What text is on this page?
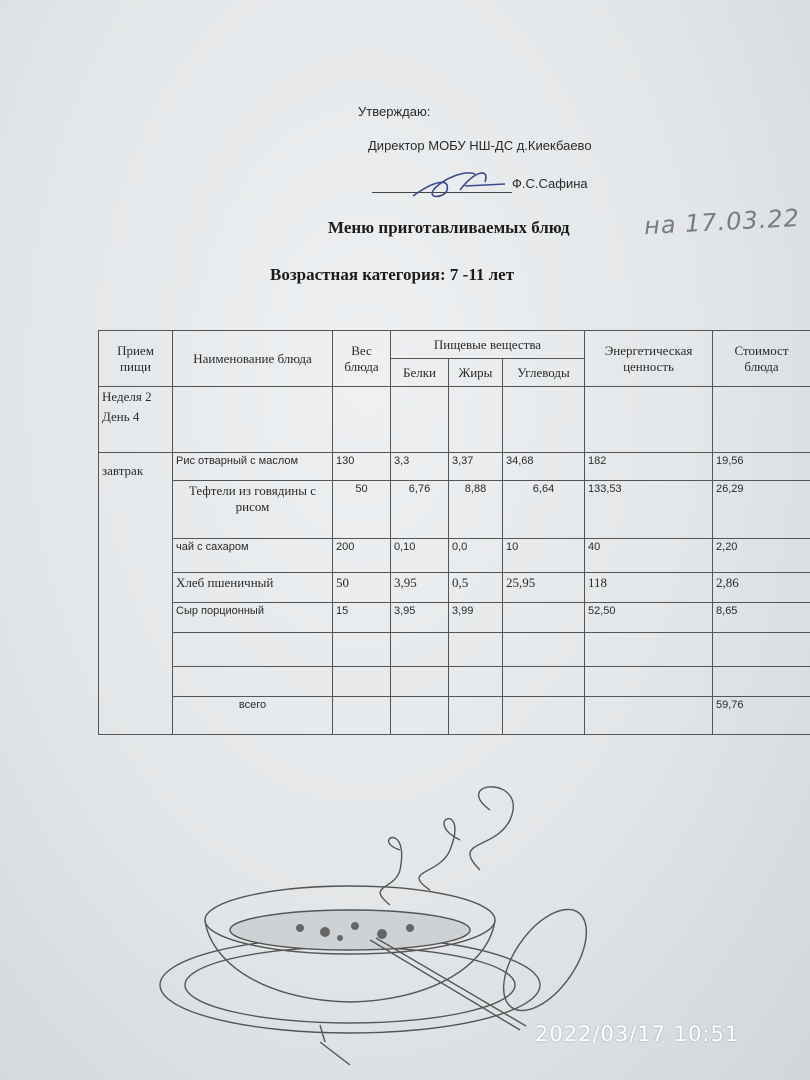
Утверждаю:
Директор МОБУ НШ-ДС д.Киекбаево
Ф.С.Сафина
Меню приготавливаемых блюд	на 17.03.22
Возрастная категория: 7 -11 лет
Прием пищи	Наименование блюда	Вес блюда	Пищевые вещества			Энергетическая ценность	Стоимост блюда
			Белки	Жиры	Углеводы		

Неделя 2
День 4							

завтрак	Рис отварный с маслом	130	3,3	3,37	34,68	182	19,56
	Тефтели из говядины с рисом	50	6,76	8,88	6,64	133,53	26,29
	чай с сахаром	200	0,10	0,0	10	40	2,20
	Хлеб пшеничный	50	3,95	0,5	25,95	118	2,86
	Сыр порционный	15	3,95	3,99		52,50	8,65

	всего						59,76
2022/03/17 10:51
